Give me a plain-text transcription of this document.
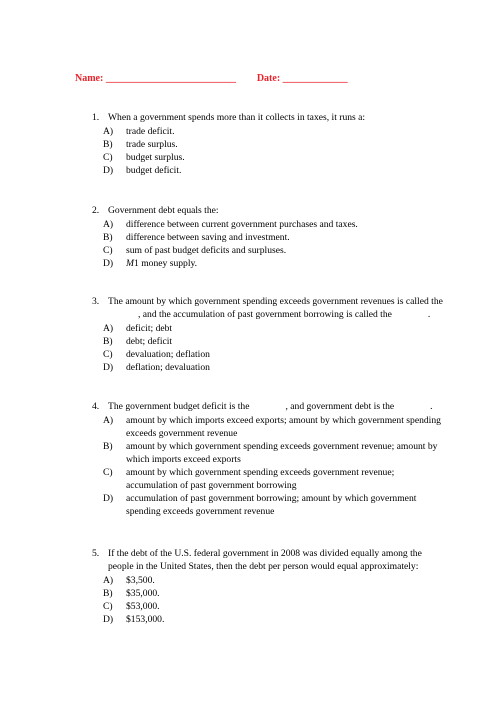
Name: __________________________ Date: _____________
1. When a government spends more than it collects in taxes, it runs a:
A) trade deficit.
B) trade surplus.
C) budget surplus.
D) budget deficit.
2. Government debt equals the:
A) difference between current government purchases and taxes.
B) difference between saving and investment.
C) sum of past budget deficits and surpluses.
D) M1 money supply.
3. The amount by which government spending exceeds government revenues is called the
, and the accumulation of past government borrowing is called the	.
A) deficit; debt
B) debt; deficit
C) devaluation; deflation
D) deflation; devaluation
4. The government budget deficit is the	, and government debt is the	.
A) amount by which imports exceed exports; amount by which government spending
exceeds government revenue
B) amount by which government spending exceeds government revenue; amount by
which imports exceed exports
C) amount by which government spending exceeds government revenue;
accumulation of past government borrowing
D) accumulation of past government borrowing; amount by which government
spending exceeds government revenue
5. If the debt of the U.S. federal government in 2008 was divided equally among the
people in the United States, then the debt per person would equal approximately:
A) $3,500.
B) $35,000.
C) $53,000.
D) $153,000.
